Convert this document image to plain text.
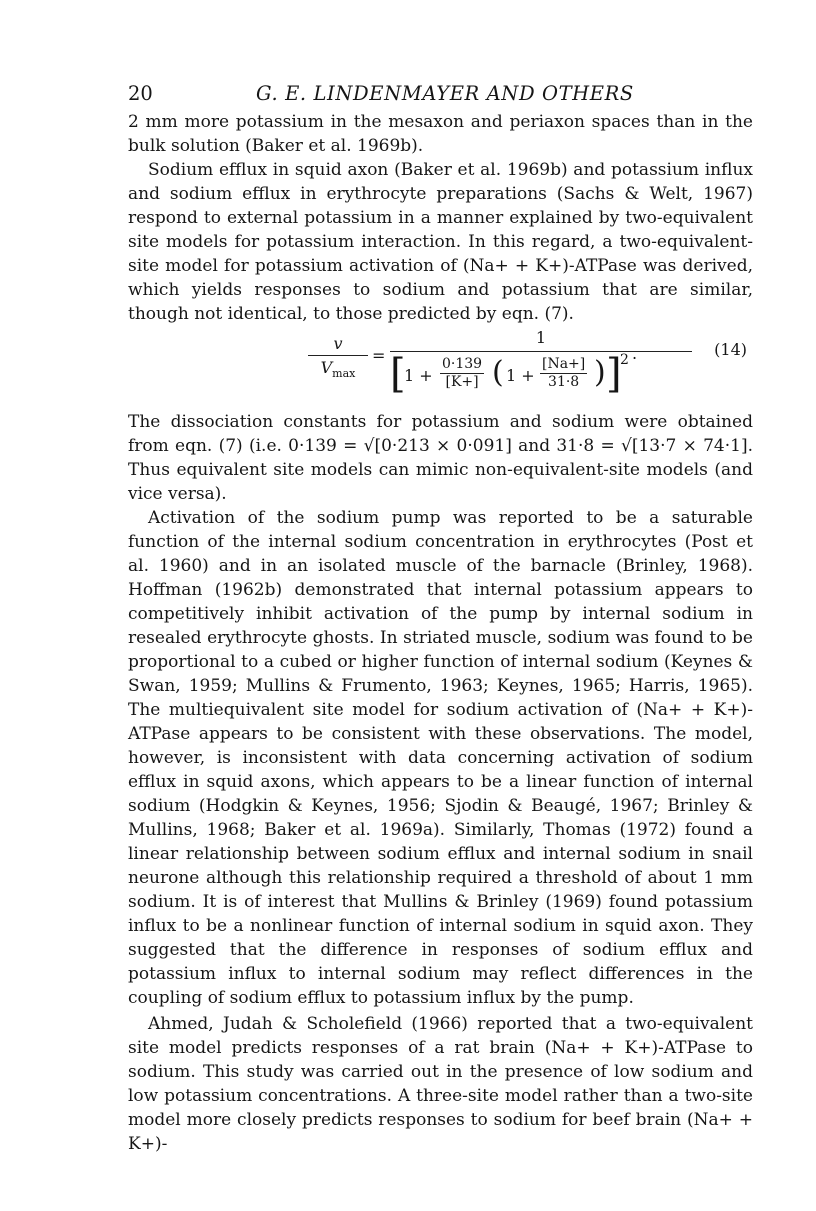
20	G. E. LINDENMAYER AND OTHERS

2 mm more potassium in the mesaxon and periaxon spaces than in the bulk solution (Baker et al. 1969b).

Sodium efflux in squid axon (Baker et al. 1969b) and potassium influx and sodium efflux in erythrocyte preparations (Sachs & Welt, 1967) respond to external potassium in a manner explained by two-equivalent site models for potassium interaction. In this regard, a two-equivalent-site model for potassium activation of (Na+ + K+)-ATPase was derived, which yields responses to sodium and potassium that are similar, though not identical, to those predicted by eqn. (7).

v
$V_{max}$
=
1
[
$1 + \frac{0\cdot 139}{[K+]}$ ( $1 + \frac{[Na+]}{31\cdot 8}$ ) ]
2 .	(14)

The dissociation constants for potassium and sodium were obtained from eqn. (7) (i.e. 0·139 = √[0·213 × 0·091] and 31·8 = √[13·7 × 74·1]. Thus equivalent site models can mimic non-equivalent-site models (and vice versa).

Activation of the sodium pump was reported to be a saturable function of the internal sodium concentration in erythrocytes (Post et al. 1960) and in an isolated muscle of the barnacle (Brinley, 1968). Hoffman (1962b) demonstrated that internal potassium appears to competitively inhibit activation of the pump by internal sodium in resealed erythrocyte ghosts. In striated muscle, sodium was found to be proportional to a cubed or higher function of internal sodium (Keynes & Swan, 1959; Mullins & Frumento, 1963; Keynes, 1965; Harris, 1965). The multiequivalent site model for sodium activation of (Na+ + K+)-ATPase appears to be consistent with these observations. The model, however, is inconsistent with data concerning activation of sodium efflux in squid axons, which appears to be a linear function of internal sodium (Hodgkin & Keynes, 1956; Sjodin & Beaugé, 1967; Brinley & Mullins, 1968; Baker et al. 1969a). Similarly, Thomas (1972) found a linear relationship between sodium efflux and internal sodium in snail neurone although this relationship required a threshold of about 1 mm sodium. It is of interest that Mullins & Brinley (1969) found potassium influx to be a nonlinear function of internal sodium in squid axon. They suggested that the difference in responses of sodium efflux and potassium influx to internal sodium may reflect differences in the coupling of sodium efflux to potassium influx by the pump.

Ahmed, Judah & Scholefield (1966) reported that a two-equivalent site model predicts responses of a rat brain (Na+ + K+)-ATPase to sodium. This study was carried out in the presence of low sodium and low potassium concentrations. A three-site model rather than a two-site model more closely predicts responses to sodium for beef brain (Na+ + K+)-
